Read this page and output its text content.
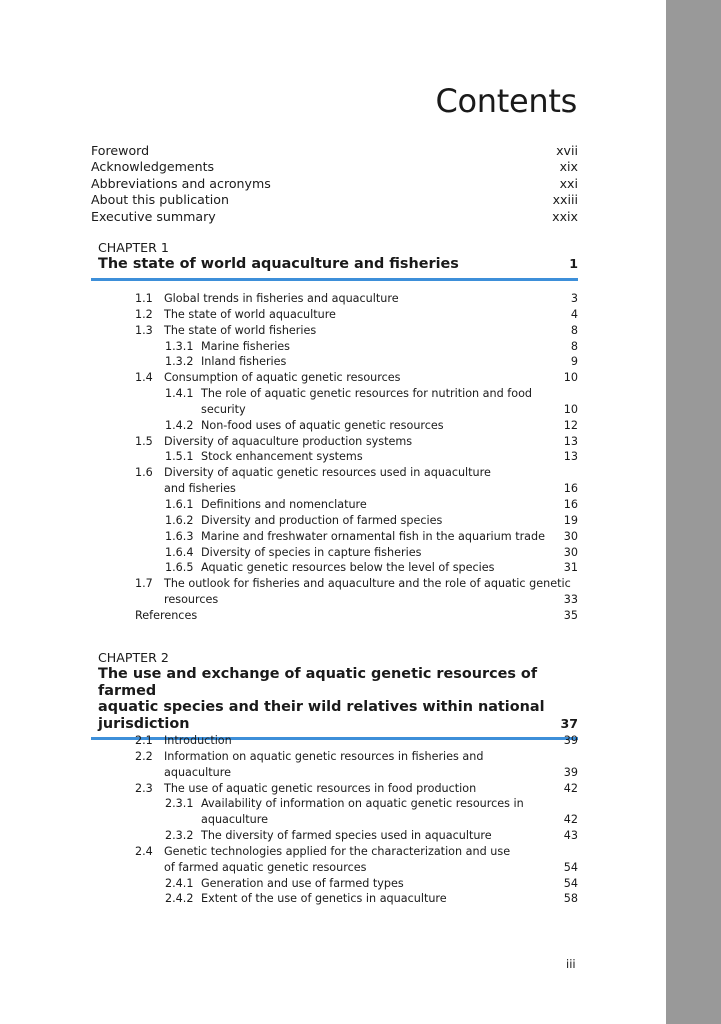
Contents
Foreword	xvii
Acknowledgements	xix
Abbreviations and acronyms	xxi
About this publication	xxiii
Executive summary	xxix
CHAPTER 1
The state of world aquaculture and fisheries	1
1.1 Global trends in fisheries and aquaculture	3
1.2 The state of world aquaculture	4
1.3 The state of world fisheries	8
1.3.1 Marine fisheries	8
1.3.2 Inland fisheries	9
1.4 Consumption of aquatic genetic resources	10
1.4.1 The role of aquatic genetic resources for nutrition and food
security	10
1.4.2 Non-food uses of aquatic genetic resources	12
1.5 Diversity of aquaculture production systems	13
1.5.1 Stock enhancement systems	13
1.6 Diversity of aquatic genetic resources used in aquaculture
and fisheries	16
1.6.1 Definitions and nomenclature	16
1.6.2 Diversity and production of farmed species	19
1.6.3 Marine and freshwater ornamental fish in the aquarium trade 30
1.6.4 Diversity of species in capture fisheries	30
1.6.5 Aquatic genetic resources below the level of species	31
1.7 The outlook for fisheries and aquaculture and the role of aquatic genetic
resources	33
References	35
CHAPTER 2
The use and exchange of aquatic genetic resources of farmed
aquatic species and their wild relatives within national
jurisdiction	37
2.1 Introduction	39
2.2 Information on aquatic genetic resources in fisheries and
aquaculture	39
2.3 The use of aquatic genetic resources in food production	42
2.3.1 Availability of information on aquatic genetic resources in
aquaculture	42
2.3.2 The diversity of farmed species used in aquaculture	43
2.4 Genetic technologies applied for the characterization and use
of farmed aquatic genetic resources	54
2.4.1 Generation and use of farmed types	54
2.4.2 Extent of the use of genetics in aquaculture	58
iii
